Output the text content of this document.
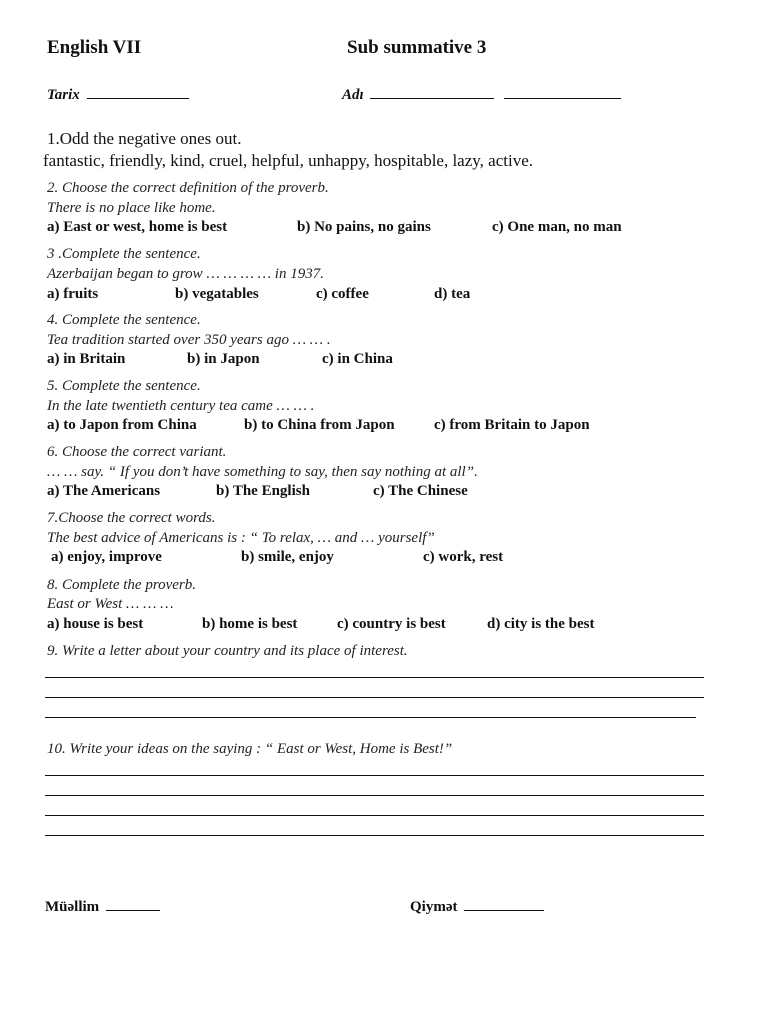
English VII	Sub summative 3
Tarix	Adı
1.Odd the negative ones out.
fantastic, friendly, kind, cruel, helpful, unhappy, hospitable, lazy, active.
2. Choose the correct definition of the proverb.
There is no place like home.
a) East or west, home is best	b) No pains, no gains	c) One man, no man
3 .Complete the sentence.
Azerbaijan began to grow … … … … in 1937.
a) fruits	b) vegatables	c) coffee	d) tea
4. Complete the sentence.
Tea tradition started over 350 years ago … … .
a) in Britain	b) in Japon	c) in China
5. Complete the sentence.
In the late twentieth century tea came … … .
a) to Japon from China	b) to China from Japon	c) from Britain to Japon
6. Choose the correct variant.
… … say. “ If you don’t have something to say, then say nothing at all”.
a) The Americans	b) The English	c) The Chinese
7.Choose the correct words.
The best advice of Americans is : “ To relax, … and … yourself”
a) enjoy, improve	b) smile, enjoy	c) work, rest
8. Complete the proverb.
East or West … … …
a) house is best	b) home is best	c) country is best	d) city is the best
9. Write a letter about your country and its place of interest.
10. Write your ideas on the saying : “ East or West, Home is Best!”
Müəllim	Qiymət
